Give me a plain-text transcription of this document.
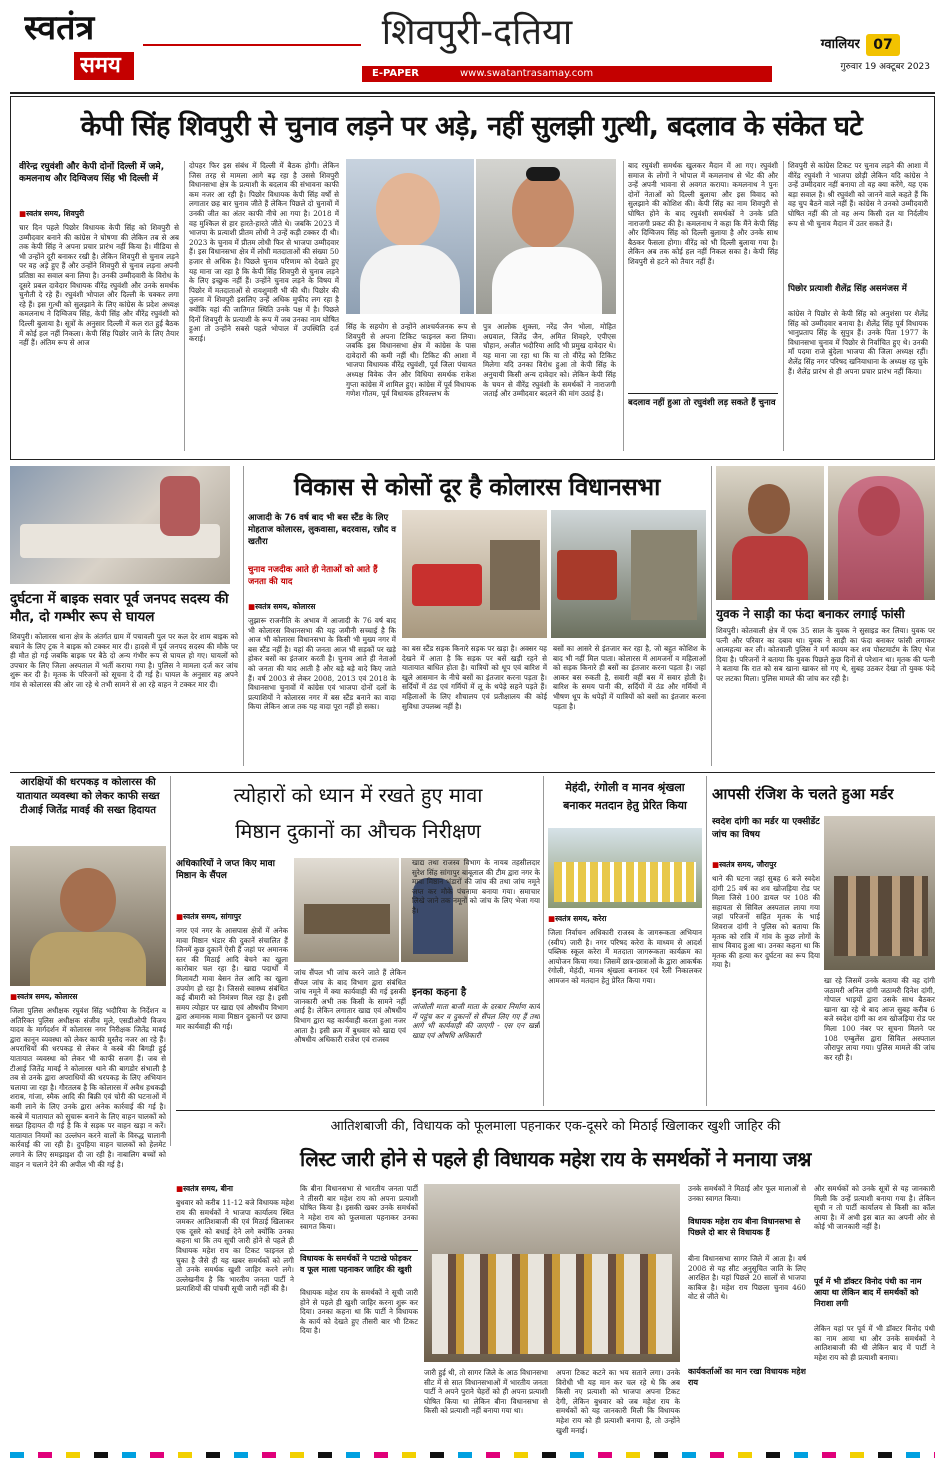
स्वतंत्र
समय
शिवपुरी-दतिया
E-PAPER	www.swatantrasamay.com
ग्वालियर 07
गुरुवार 19 अक्टूबर 2023
केपी सिंह शिवपुरी से चुनाव लड़ने पर अड़े, नहीं सुलझी गुत्थी, बदलाव के संकेत घटे
वीरेन्द्र रघुवंशी और केपी दोनों दिल्ली में जमे, कमलनाथ और दिग्विजय सिंह भी दिल्ली में
■ स्वतंत्र समय, शिवपुरी
चार दिन पहले पिछोर विधायक केपी सिंह को शिवपुरी से उम्मीदवार बनाने की कांग्रेस ने घोषणा की लेकिन तब से अब तक केपी सिंह ने अपना प्रचार प्रारंभ नहीं किया है। मीडिया से भी उन्होंने दूरी बनाकर रखी है। लेकिन शिवपुरी से चुनाव लड़ने पर वह अड़े हुए हैं और उन्होंने शिवपुरी से चुनाव लड़ना अपनी प्रतिष्ठा का सवाल बना लिया है। उनकी उम्मीदवारी के विरोध के दूसरे प्रबल दावेदार विधायक वीरेंद्र रघुवंशी और उनके समर्थक चुनौती दे रहे हैं। रघुवंशी भोपाल और दिल्ली के चक्कर लगा रहे हैं। इस गुत्थी को सुलझाने के लिए कांग्रेस के प्रदेश अध्यक्ष कमलनाथ ने दिग्विजय सिंह, केपी सिंह और वीरेंद्र रघुवंशी को दिल्ली बुलाया है। सूत्रों के अनुसार दिल्ली में कल रात हुई बैठक में कोई हल नहीं निकला। केपी सिंह पिछोर जाने के लिए तैयार नहीं हैं। अंतिम रूप से आज
दोपहर फिर इस संबंध में दिल्ली में बैठक होगी। लेकिन जिस तरह से मामला आगे बढ़ रहा है उससे शिवपुरी विधानसभा क्षेत्र के प्रत्याशी के बदलाव की संभावना काफी कम नजर आ रही है। पिछोर विधायक केपी सिंह वर्षों से लगातार छह बार चुनाव जीते हैं लेकिन पिछले दो चुनावों में उनकी जीत का अंतर काफी नीचे आ गया है। 2018 में वह मुश्किल से हार हारते-हारते जीते थे। जबकि 2023 में भाजपा के प्रत्याशी प्रीतम लोधी ने उन्हें कड़ी टक्कर दी थी। 2023 के चुनाव में प्रीतम लोधी फिर से भाजपा उम्मीदवार हैं। इस विधानसभा क्षेत्र में लोधी मतदाताओं की संख्या 50 हजार से अधिक है। पिछले चुनाव परिणाम को देखते हुए यह माना जा रहा है कि केपी सिंह शिवपुरी से चुनाव लड़ने के लिए इच्छुक नहीं हैं। उन्होंने चुनाव लड़ने के विषय में पिछोर में मतदाताओं से रायशुमारी भी की थी। पिछोर की तुलना में शिवपुरी इसलिए उन्हें अधिक मुफीद लग रहा है क्योंकि यहां की जातिगत स्थिति उनके पक्ष में है। पिछले दिनों शिवपुरी के प्रत्याशी के रूप में जब उनका नाम घोषित हुआ तो उन्होंने सबसे पहले भोपाल में उपस्थिति दर्ज कराई।
सिंह के सहयोग से उन्होंने आश्चर्यजनक रूप से शिवपुरी से अपना टिकिट फाइनल करा लिया। जबकि इस विधानसभा क्षेत्र में कांग्रेस के पास दावेदारों की कमी नहीं थी। टिकिट की आशा में भाजपा विधायक वीरेंद्र रघुवंशी, पूर्व जिला पंचायत अध्यक्ष विवेक जैन और विधिया समर्थक राकेश गुप्ता कांग्रेस में शामिल हुए। कांग्रेस में पूर्व विधायक गणेश गौतम, पूर्व विधायक हरिवल्लभ के
पुत्र आलोक शुक्ला, नरेंद्र जैन भोला, मोहित अग्रवाल, जितेंद्र जैन, अमित शिवहरे, एपीएस चौहान, अजीत भदौरिया आदि भी प्रमुख दावेदार थे। यह माना जा रहा था कि या तो वीरेंद्र को टिकिट मिलेगा यदि उनका विरोध हुआ तो केपी सिंह के अनुयायी किसी अन्य दावेदार को। लेकिन केपी सिंह के चयन से वीरेंद्र रघुवंशी के समर्थकों ने नाराजगी जताई और उम्मीदवार बदलने की मांग उठाई है।
बाद रघुवंशी समर्थक खुलकर मैदान में आ गए। रघुवंशी समाज के लोगों ने भोपाल में कमलनाथ से भेंट की और उन्हें अपनी भावना से अवगत कराया। कमलनाथ ने पुनः दोनों नेताओं को दिल्ली बुलाया और इस विवाद को सुलझाने की कोशिश की। केपी सिंह का नाम शिवपुरी से घोषित होने के बाद रघुवंशी समर्थकों ने उनके प्रति नाराजगी प्रकट की है। कमलनाथ ने कहा कि मैंने केपी सिंह और दिग्विजय सिंह को दिल्ली बुलाया है और उनके साथ बैठकर फैसला होगा। वीरेंद्र को भी दिल्ली बुलाया गया है। लेकिन अब तक कोई हल नहीं निकल सका है। केपी सिंह शिवपुरी से हटने को तैयार नहीं हैं।
बदलाव नहीं हुआ तो रघुवंशी लड़ सकते हैं चुनाव
शिवपुरी से कांग्रेस टिकट पर चुनाव लड़ने की आशा में वीरेंद्र रघुवंशी ने भाजपा छोड़ी लेकिन यदि कांग्रेस ने उन्हें उम्मीदवार नहीं बनाया तो वह क्या करेंगे, यह एक बड़ा सवाल है। श्री रघुवंशी को जानने वाले कहते हैं कि वह चुप बैठने वाले नहीं हैं। कांग्रेस ने उनको उम्मीदवारी घोषित नहीं की तो वह अन्य किसी दल या निर्दलीय रूप से भी चुनाव मैदान में उतर सकते हैं।
पिछोर प्रत्याशी शैलेंद्र सिंह असमंजस में
कांग्रेस ने पिछोर से केपी सिंह को अनुशंसा पर शैलेंद्र सिंह को उम्मीदवार बनाया है। शैलेंद्र सिंह पूर्व विधायक भानुप्रताप सिंह के सुपुत्र हैं। उनके पिता 1977 के विधानसभा चुनाव में पिछोर से निर्वाचित हुए थे। उनकी माँ पदमा राजे बुंदेला भाजपा की जिला अध्यक्ष रहीं। शैलेंद्र सिंह नगर परिषद खनियाधाना के अध्यक्ष रह चुके हैं। शैलेंद्र प्रारंभ से ही अपना प्रचार प्रारंभ नहीं किया।
दुर्घटना में बाइक सवार पूर्व जनपद सदस्य की मौत, दो गम्भीर रूप से घायल
शिवपुरी। कोलारस थाना क्षेत्र के अंतर्गत ग्राम में पचावली पुल पर कल देर शाम बाइक को बचाने के लिए ट्रक ने बाइक को टक्कर मार दी। हादसे में पूर्व जनपद सदस्य की मौके पर ही मौत हो गई जबकि बाइक पर बैठे दो अन्य गंभीर रूप से घायल हो गए। घायलों को उपचार के लिए जिला अस्पताल में भर्ती कराया गया है। पुलिस ने मामला दर्ज कर जांच शुरू कर दी है। मृतक के परिजनों को सूचना दे दी गई है। घायल के अनुसार वह अपने गांव से कोलारस की ओर जा रहे थे तभी सामने से आ रहे वाहन ने टक्कर मार दी।
विकास से कोसों दूर है कोलारस विधानसभा
आजादी के 76 वर्ष बाद भी बस स्टैंड के लिए मोहताज कोलारस, लुकवासा, बदरवास, रन्नौद व खतौरा
चुनाव नजदीक आते ही नेताओं को आते हैं जनता की याद
■ स्वतंत्र समय, कोलारस
जुझारू राजनीति के अभाव में आजादी के 76 वर्ष बाद भी कोलारस विधानसभा की यह जमीनी सच्चाई है कि आज भी कोलारस विधानसभा के किसी भी मुख्य नगर में बस स्टैंड नहीं है। यहां की जनता आज भी सड़कों पर खड़े होकर बसों का इंतजार करती है। चुनाव आते ही नेताओं को जनता की याद आती है और बड़े बड़े वादे किए जाते हैं। वर्ष 2003 से लेकर 2008, 2013 एवं 2018 के विधानसभा चुनावों में कांग्रेस एवं भाजपा दोनों दलों के प्रत्याशियों ने कोलारस नगर में बस स्टैंड बनाने का वादा किया लेकिन आज तक यह वादा पूरा नहीं हो सका।
का बस स्टैंड सड़क किनारे सड़क पर खड़ा है। अक्सर यह देखने में आता है कि सड़क पर बसें खड़ी रहने से यातायात बाधित होता है। यात्रियों को धूप एवं बारिश में खुले आसमान के नीचे बसों का इंतजार करना पड़ता है। सर्दियों में ठंड एवं गर्मियों में लू के थपेड़े सहने पड़ते हैं। महिलाओं के लिए शौचालय एवं प्रतीक्षालय की कोई सुविधा उपलब्ध नहीं है।
बसों का आसरे से इंतजार कर रहा है, जो बहुत कोशिश के बाद भी नहीं मिल पाता। कोलारस में आमजनों व महिलाओं को सड़क किनारे ही बसों का इंतजार करना पड़ता है। जहां आकर बस रुकती है, सवारी वहीं बस में सवार होती है। बारिश के समय पानी की, सर्दियों में ठंड और गर्मियों में भीषण धूप के थपेड़ों में यात्रियों को बसों का इंतजार करना पड़ता है।
युवक ने साड़ी का फंदा बनाकर लगाई फांसी
शिवपुरी। कोतवाली क्षेत्र में एक 35 साल के युवक ने सुसाइड कर लिया। युवक पर पत्नी और परिवार का दबाव था। युवक ने साड़ी का फंदा बनाकर फांसी लगाकर आत्महत्या कर ली। कोतवाली पुलिस ने मर्ग कायम कर शव पोस्टमार्टम के लिए भेज दिया है। परिजनों ने बताया कि युवक पिछले कुछ दिनों से परेशान था। मृतक की पत्नी ने बताया कि रात को सब खाना खाकर सो गए थे, सुबह उठकर देखा तो युवक फंदे पर लटका मिला। पुलिस मामले की जांच कर रही है।
आरक्षियों की धरपकड़ व कोलारस की यातायात व्यवस्था को लेकर काफी सख्त टीआई जितेंद्र मावई की सख्त हिदायत
■ स्वतंत्र समय, कोलारस
जिला पुलिस अधीक्षक रघुवंश सिंह भदौरिया के निर्देशन व अतिरिक्त पुलिस अधीक्षक संजीव मुले, एसडीओपी विजय यादव के मार्गदर्शन में कोलारस नगर निरीक्षक जितेंद्र मावई द्वारा कानून व्यवस्था को लेकर काफी मुस्तैद नजर आ रहे हैं। अपराधियों की धरपकड़ से लेकर वे कस्बे की बिगड़ी हुई यातायात व्यवस्था को लेकर भी काफी सजग हैं। जब से टीआई जितेंद्र मावई ने कोलारस थाने की बागडोर संभाली है तब से उनके द्वारा अपराधियों की धरपकड़ के लिए अभियान चलाया जा रहा है। गौरतलब है कि कोलारस में अवैध हथकढ़ी शराब, गांजा, स्मैक आदि की बिक्री एवं चोरी की घटनाओं में कमी लाने के लिए उनके द्वारा अनेक कार्रवाई की गई है। कस्बे में यातायात को सुचारू बनाने के लिए वाहन चालकों को सख्त हिदायत दी गई है कि वे सड़क पर वाहन खड़ा न करें। यातायात नियमों का उल्लंघन करने वालों के विरुद्ध चालानी कार्रवाई की जा रही है। दुपहिया वाहन चालकों को हेलमेट लगाने के लिए समझाइश दी जा रही है। नाबालिग बच्चों को वाहन न चलाने देने की अपील भी की गई है।
त्योहारों को ध्यान में रखते हुए मावा
मिष्ठान दुकानों का औचक निरीक्षण
अधिकारियों ने जप्त किए मावा मिष्ठान के सैंपल
■ स्वतंत्र समय, सांगापुर
नगर एवं नगर के आसपास क्षेत्रों में अनेक मावा मिष्ठान भंडार की दुकानें संचालित हैं जिनमें कुछ दुकानें ऐसी हैं जहां पर अमानक स्तर की मिठाई आदि बेचने का खुला कारोबार चल रहा है। खाद्य पदार्थों में मिलावटी मावा बेसन तेल आदि का खुला उपयोग हो रहा है। जिससे स्वास्थ्य संबंधित कई बीमारी को निमंत्रण मिल रहा है। इसी समय त्योहार पर खाद्य एवं औषधीय विभाग द्वारा अमानक मावा मिष्ठान दुकानों पर छापा मार कार्यवाही की गई।
जांच सैंपल भी जांच करने जाते हैं लेकिन सैंपल जांच के बाद विभाग द्वारा संबंधित जांच नमूने में क्या कार्यवाही की गई इसकी जानकारी अभी तक किसी के सामने नहीं आई है। लेकिन लगातार खाद्य एवं औषधीय विभाग द्वारा यह कार्यवाही करता हुआ नजर आता है। इसी क्रम में बुधवार को खाद्य एवं औषधीय अधिकारी राजेश एवं राजस्व
खाद्य तथा राजस्व विभाग के नायब तहसीलदार सुरेश सिंह सांगापुर बाबूलाल की टीम द्वारा नगर के मावा मिष्ठान भंडारों की जांच की तथा जांच नमूने जप्त कर मौके पंचनामा बनाया गया। समाचार लिखे जाने तक नमूनों को जांच के लिए भेजा गया है।
इनका कहना है
जांजोली माता बाजी माता के दरबार निर्माण कार्य में पहुंच कर व दुकानों से सैंपल लिए गए हैं तथा आगे भी कार्यवाही की जाएगी - एस एन खन्नी खाद्य एवं औषधि अधिकारी
मेहंदी, रंगोली व मानव श्रृंखला
बनाकर मतदान हेतु प्रेरित किया
■ स्वतंत्र समय, करेरा
जिला निर्वाचन अधिकारी राजस्व के जागरूकता अभियान (स्वीप) जारी है। नगर परिषद करेरा के माध्यम से आदर्श पब्लिक स्कूल करेरा में मतदाता जागरूकता कार्यक्रम का आयोजन किया गया। जिसमें छात्र-छात्राओं के द्वारा आकर्षक रंगोली, मेहंदी, मानव श्रृंखला बनाकर एवं रैली निकालकर आमजन को मतदान हेतु प्रेरित किया गया।
आपसी रंजिश के चलते हुआ मर्डर
स्वदेश दांगी का मर्डर या एक्सीडेंट जांच का विषय
■ स्वतंत्र समय, जौरापुर
थाने की घटना जहां सुबह 6 बजे स्वदेश दांगी 25 वर्ष का शव खोजड़िया रोड पर मिला जिसे 100 डायल पर 108 की सहायता से सिविल अस्पताल लाया गया जहां परिजनों सहित मृतक के भाई शिवराज दांगी ने पुलिस को बताया कि मृतक को रात्रि में गांव के कुछ लोगों के साथ विवाद हुआ था। उनका कहना था कि मृतक की हत्या कर दुर्घटना का रूप दिया गया है।
खा रहे जिसमें उनके बताया की वह दांगी जठामरी अनिल दांगी जठामरी दिनेश दांगी, गोपाल भाइयों द्वारा उसके साथ बैठकर खाना खा रहे थे बाद आज सुबह करीब 6 बजे स्वदेश दांगी का शव खोजड़िया रोड पर मिला 100 नंबर पर सूचना मिलने पर 108 एम्बुलेंस द्वारा सिविल अस्पताल जौरापुर लाया गया। पुलिस मामले की जांच कर रही है।
आतिशबाजी की, विधायक को फूलमाला पहनाकर एक-दूसरे को मिठाई खिलाकर खुशी जाहिर की
लिस्ट जारी होने से पहले ही विधायक महेश राय के समर्थकों ने मनाया जश्न
■ स्वतंत्र समय, बीना
बुधवार को करीब 11-12 बजे विधायक महेश राय की समर्थकों ने भाजपा कार्यालय स्थित जमकर आतिशबाजी की एवं मिठाई खिलाकर एक दूसरे को बधाई देने लगे क्योंकि उनका कहना था कि तय सूची जारी होने से पहले ही विधायक महेश राय का टिकट फाइनल हो चुका है जैसे ही यह खबर समर्थकों को लगी तो उनके समर्थक खुशी जाहिर करने लगे। उल्लेखनीय है कि भारतीय जनता पार्टी ने प्रत्याशियों की पांचवी सूची जारी नहीं की है।
कि बीना विधानसभा से भारतीय जनता पार्टी ने तीसरी बार महेश राय को अपना प्रत्याशी घोषित किया है। इसकी खबर उनके समर्थकों ने महेश राय को फूलमाला पहनाकर उनका स्वागत किया।
विधायक के समर्थकों ने पटाखे फोड़कर व फूल माला पहनाकर जाहिर की खुशी
विधायक महेश राय के समर्थकों ने सूची जारी होने से पहले ही खुशी जाहिर करना शुरू कर दिया। उनका कहना था कि पार्टी ने विधायक के कार्य को देखते हुए तीसरी बार भी टिकट दिया है।
जारी हुई थी, तो सागर जिले के आठ विधानसभा सीट में से सात विधानसभाओं में भारतीय जनता पार्टी ने अपने पुराने चेहरों को ही अपना प्रत्याशी घोषित किया था लेकिन बीना विधानसभा से किसी को प्रत्याशी नहीं बनाया गया था।
अपना टिकट कटने का भय सताने लगा। उनके विरोधी भी यह मान कर चल रहे थे कि अब किसी नए प्रत्याशी को भाजपा अपना टिकट देगी, लेकिन बुधवार को जब महेश राय के समर्थकों को यह जानकारी मिली कि विधायक महेश राय को ही प्रत्याशी बनाया है, तो उन्होंने खुशी मनाई।
उनके समर्थकों ने मिठाई और फूल मालाओं से उनका स्वागत किया।
विधायक महेश राय बीना विधानसभा से पिछले दो बार से विधायक हैं
बीना विधानसभा सागर जिले में आता है। वर्ष 2008 से यह सीट अनुसूचित जाति के लिए आरक्षित है। यहां पिछले 20 सालों से भाजपा काबिज है। महेश राय पिछला चुनाव 460 वोट से जीते थे।
कार्यकर्ताओं का मान रखा विधायक महेश राय
और समर्थकों को उनके सूत्रों से यह जानकारी मिली कि उन्हें प्रत्याशी बनाया गया है। लेकिन सूची न तो पार्टी कार्यालय से किसी का कॉल आया है। में अभी इस बात का अपनी ओर से कोई भी जानकारी नहीं है।
पूर्व में भी डॉक्टर विनोद पंथी का नाम आया था लेकिन बाद में समर्थकों को निराशा लगी
लेकिन यहां पर पूर्व में भी डॉक्टर विनोद पंथी का नाम आया था और उनके समर्थकों ने आतिशबाजी की थी लेकिन बाद में पार्टी ने महेश राय को ही प्रत्याशी बनाया।
